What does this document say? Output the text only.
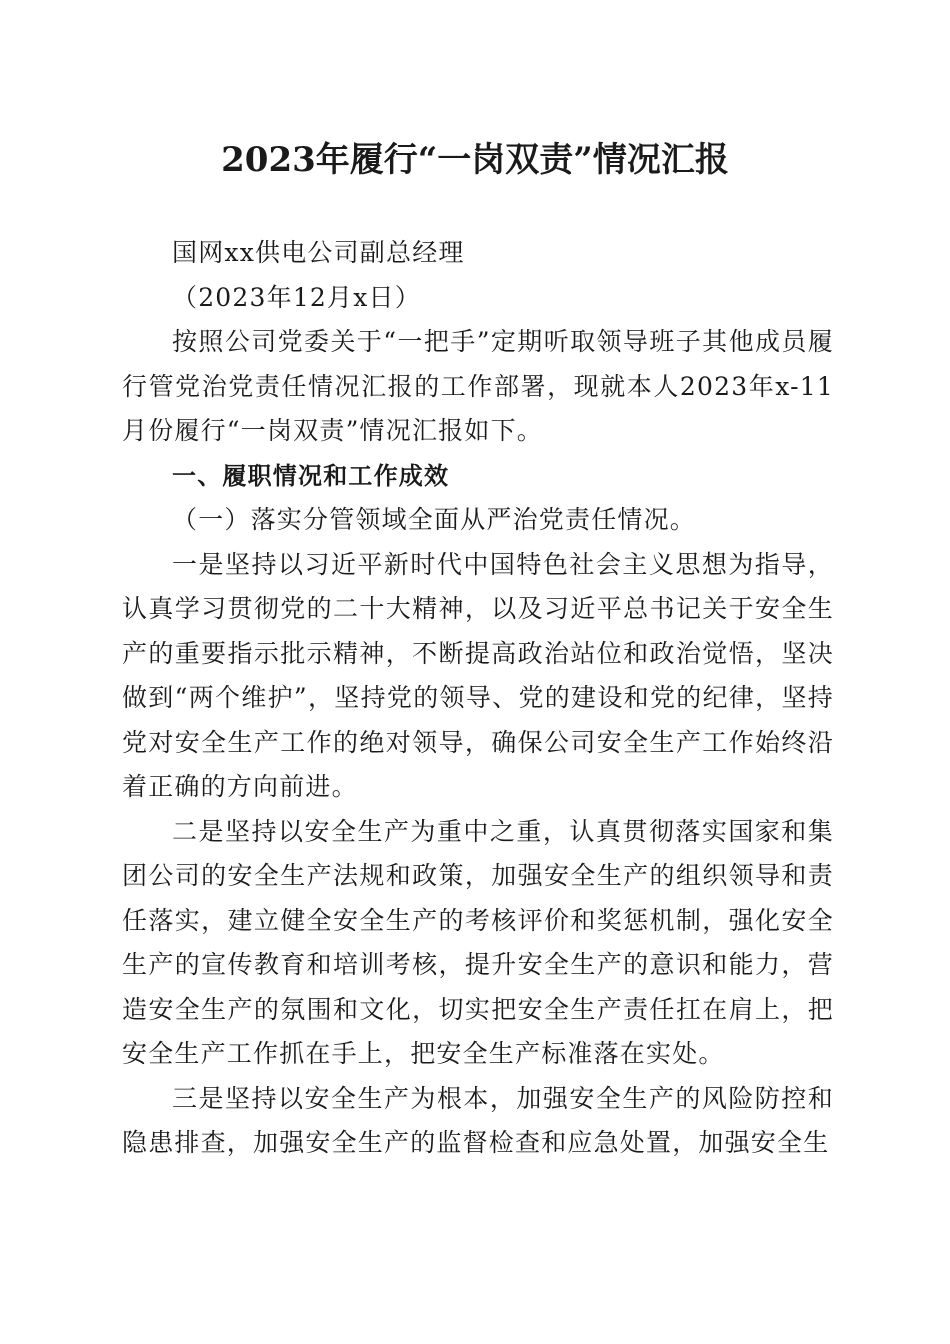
2023年履行“一岗双责”情况汇报

国网xx供电公司副总经理

（2023年12月x日）

按照公司党委关于“一把手”定期听取领导班子其他成员履行管党治党责任情况汇报的工作部署，现就本人2023年x-11月份履行“一岗双责”情况汇报如下。

一、履职情况和工作成效

（一）落实分管领域全面从严治党责任情况。

一是坚持以习近平新时代中国特色社会主义思想为指导，认真学习贯彻党的二十大精神，以及习近平总书记关于安全生产的重要指示批示精神，不断提高政治站位和政治觉悟，坚决做到“两个维护”，坚持党的领导、党的建设和党的纪律，坚持党对安全生产工作的绝对领导，确保公司安全生产工作始终沿着正确的方向前进。

二是坚持以安全生产为重中之重，认真贯彻落实国家和集团公司的安全生产法规和政策，加强安全生产的组织领导和责任落实，建立健全安全生产的考核评价和奖惩机制，强化安全生产的宣传教育和培训考核，提升安全生产的意识和能力，营造安全生产的氛围和文化，切实把安全生产责任扛在肩上，把安全生产工作抓在手上，把安全生产标准落在实处。

三是坚持以安全生产为根本，加强安全生产的风险防控和隐患排查，加强安全生产的监督检查和应急处置，加强安全生
